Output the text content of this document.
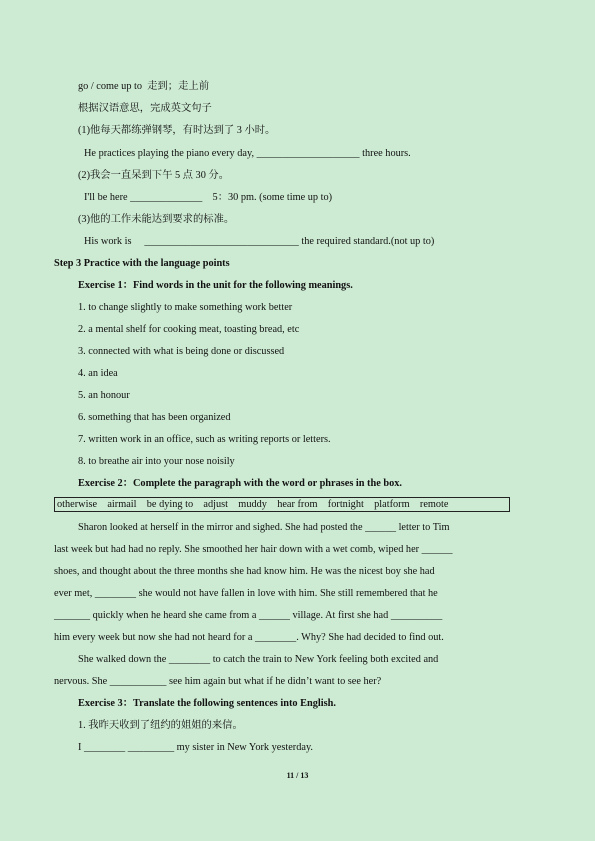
go / come up to  走到；走上前

根据汉语意思，完成英文句子

(1)他每天都练弹钢琴，有时达到了 3 小时。

He practices playing the piano every day, ____________________ three hours.

(2)我会一直呆到下午 5 点 30 分。

I'll be here ______________    5：30 pm. (some time up to)

(3)他的工作未能达到要求的标准。

His work is     ______________________________ the required standard.(not up to)

Step 3 Practice with the language points

Exercise 1：Find words in the unit for the following meanings.

1. to change slightly to make something work better

2. a mental shelf for cooking meat, toasting bread, etc

3. connected with what is being done or discussed

4. an idea

5. an honour

6. something that has been organized

7. written work in an office, such as writing reports or letters.

8. to breathe air into your nose noisily

Exercise 2：Complete the paragraph with the word or phrases in the box.

otherwise    airmail    be dying to    adjust    muddy    hear from    fortnight    platform    remote

Sharon looked at herself in the mirror and sighed. She had posted the ______ letter to Tim

last week but had had no reply. She smoothed her hair down with a wet comb, wiped her ______

shoes, and thought about the three months she had know him. He was the nicest boy she had

ever met, ________ she would not have fallen in love with him. She still remembered that he

_______ quickly when he heard she came from a ______ village. At first she had __________

him every week but now she had not heard for a ________. Why? She had decided to find out.

She walked down the ________ to catch the train to New York feeling both excited and

nervous. She ___________ see him again but what if he didn’t want to see her?

Exercise 3：Translate the following sentences into English.

1. 我昨天收到了纽约的姐姐的来信。

I ________ _________ my sister in New York yesterday.

11 / 13
